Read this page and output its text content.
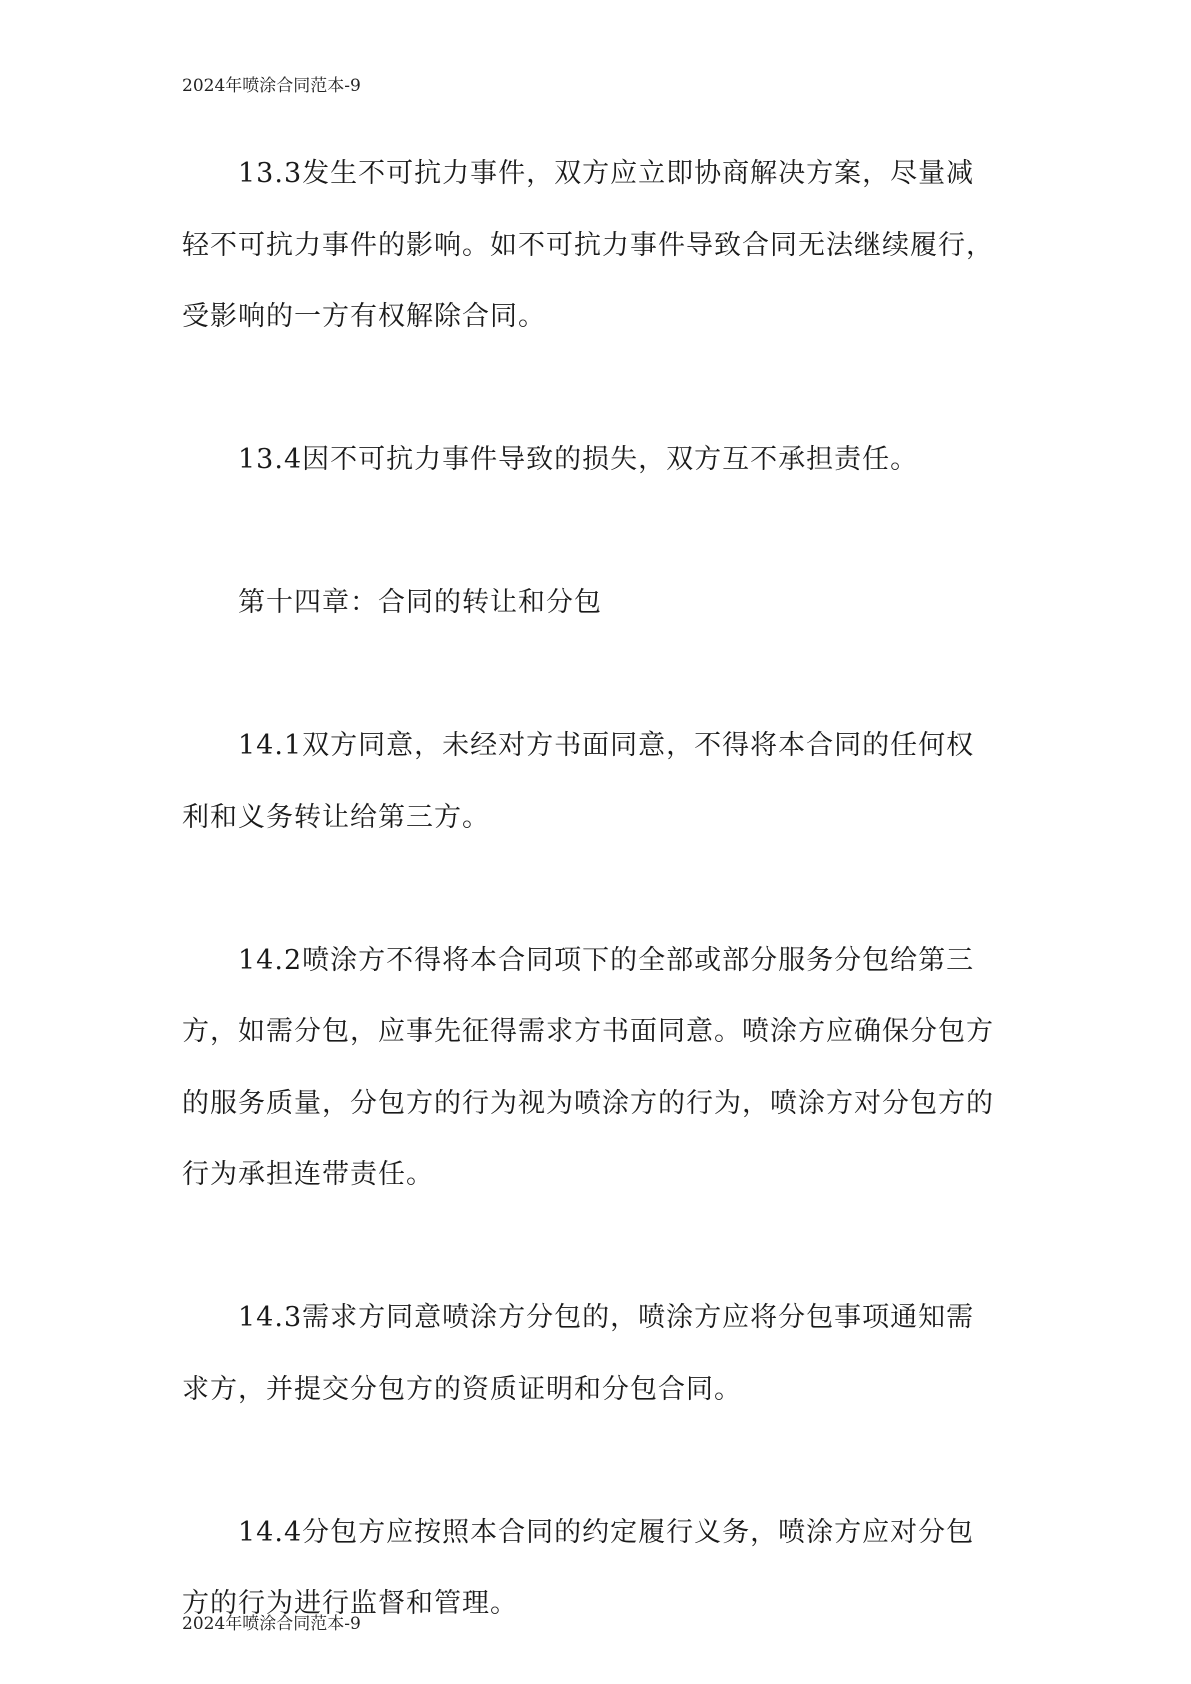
2024年喷涂合同范本-9

13.3发生不可抗力事件，双方应立即协商解决方案，尽量减轻不可抗力事件的影响。如不可抗力事件导致合同无法继续履行，受影响的一方有权解除合同。

13.4因不可抗力事件导致的损失，双方互不承担责任。

第十四章：合同的转让和分包

14.1双方同意，未经对方书面同意，不得将本合同的任何权利和义务转让给第三方。

14.2喷涂方不得将本合同项下的全部或部分服务分包给第三方，如需分包，应事先征得需求方书面同意。喷涂方应确保分包方的服务质量，分包方的行为视为喷涂方的行为，喷涂方对分包方的行为承担连带责任。

14.3需求方同意喷涂方分包的，喷涂方应将分包事项通知需求方，并提交分包方的资质证明和分包合同。

14.4分包方应按照本合同的约定履行义务，喷涂方应对分包方的行为进行监督和管理。

2024年喷涂合同范本-9
